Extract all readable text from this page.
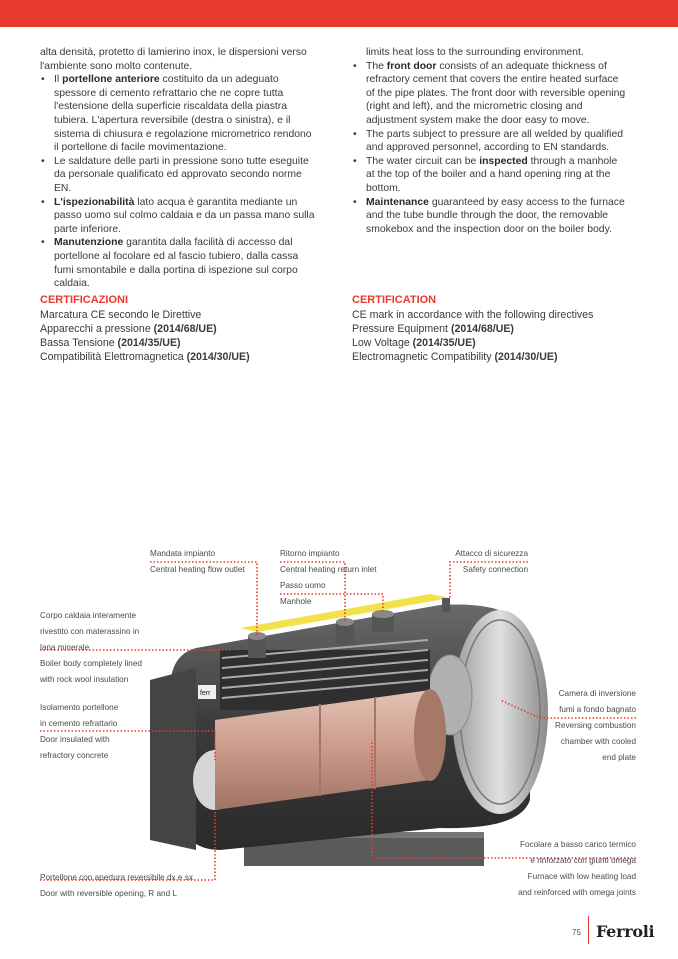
alta densità, protetto di lamierino inox, le dispersioni verso l'ambiente sono molto contenute.

• Il portellone anteriore costituito da un adeguato spessore di cemento refrattario che ne copre tutta l'estensione della superficie riscaldata della piastra tubiera. L'apertura reversibile (destra o sinistra), e il sistema di chiusura e regolazione micrometrico rendono il portellone di facile movimentazione.
• Le saldature delle parti in pressione sono tutte eseguite da personale qualificato ed approvato secondo norme EN.
• L'ispezionabilità lato acqua è garantita mediante un passo uomo sul colmo caldaia e da un passa mano sulla parte inferiore.
• Manutenzione garantita dalla facilità di accesso dal portellone al focolare ed al fascio tubiero, dalla cassa fumi smontabile e dalla portina di ispezione sul corpo caldaia.

limits heat loss to the surrounding environment.

• The front door consists of an adequate thickness of refractory cement that covers the entire heated surface of the pipe plates. The front door with reversible opening (right and left), and the micrometric closing and adjustment system make the door easy to move.
• The parts subject to pressure are all welded by qualified and approved personnel, according to EN standards.
• The water circuit can be inspected through a manhole at the top of the boiler and a hand opening ring at the bottom.
• Maintenance guaranteed by easy access to the furnace and the tube bundle through the door, the removable smokebox and the inspection door on the boiler body.
CERTIFICAZIONI
Marcatura CE secondo le Direttive
Apparecchi a pressione (2014/68/UE)
Bassa Tensione (2014/35/UE)
Compatibilità Elettromagnetica (2014/30/UE)
CERTIFICATION
CE mark in accordance with the following directives
Pressure Equipment (2014/68/UE)
Low Voltage (2014/35/UE)
Electromagnetic Compatibility (2014/30/UE)
ferr
Mandata impianto
Central heating flow outlet
Ritorno impianto
Central heating return inlet
Passo uomo
Manhole
Attacco di sicurezza
Safety connection
Corpo caldaia interamente
rivestito con materassino in
lana minerale
Boiler body completely lined
with rock wool insulation
Isolamento portellone
in cemento refrattario
Door insulated with
refractory concrete
Camera di inversione
fumi a fondo bagnato
Reversing combustion
chamber with cooled
end plate
Focolare a basso carico termico
e rinforzato con giunti omega
Furnace with low heating load
and reinforced with omega joints
Portellone con apertura reversibile dx e sx
Door with reversible opening, R and L
75 Ferroli
